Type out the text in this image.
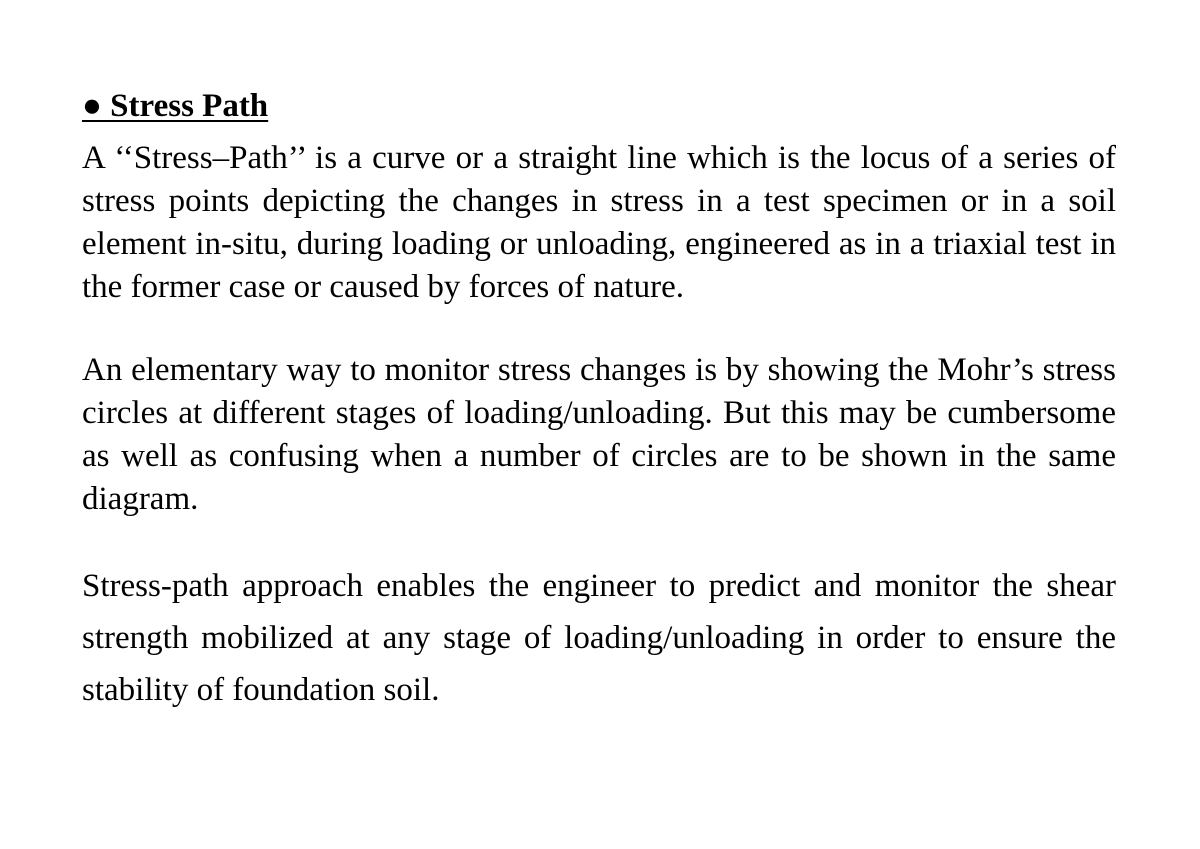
● Stress Path

A ‘‘Stress–Path’’ is a curve or a straight line which is the locus of a series of stress points depicting the changes in stress in a test specimen or in a soil element in-situ, during loading or unloading, engineered as in a triaxial test in the former case or caused by forces of nature.

An elementary way to monitor stress changes is by showing the Mohr’s stress circles at different stages of loading/unloading. But this may be cumbersome as well as confusing when a number of circles are to be shown in the same diagram.

Stress-path approach enables the engineer to predict and monitor the shear strength mobilized at any stage of loading/unloading in order to ensure the stability of foundation soil.
